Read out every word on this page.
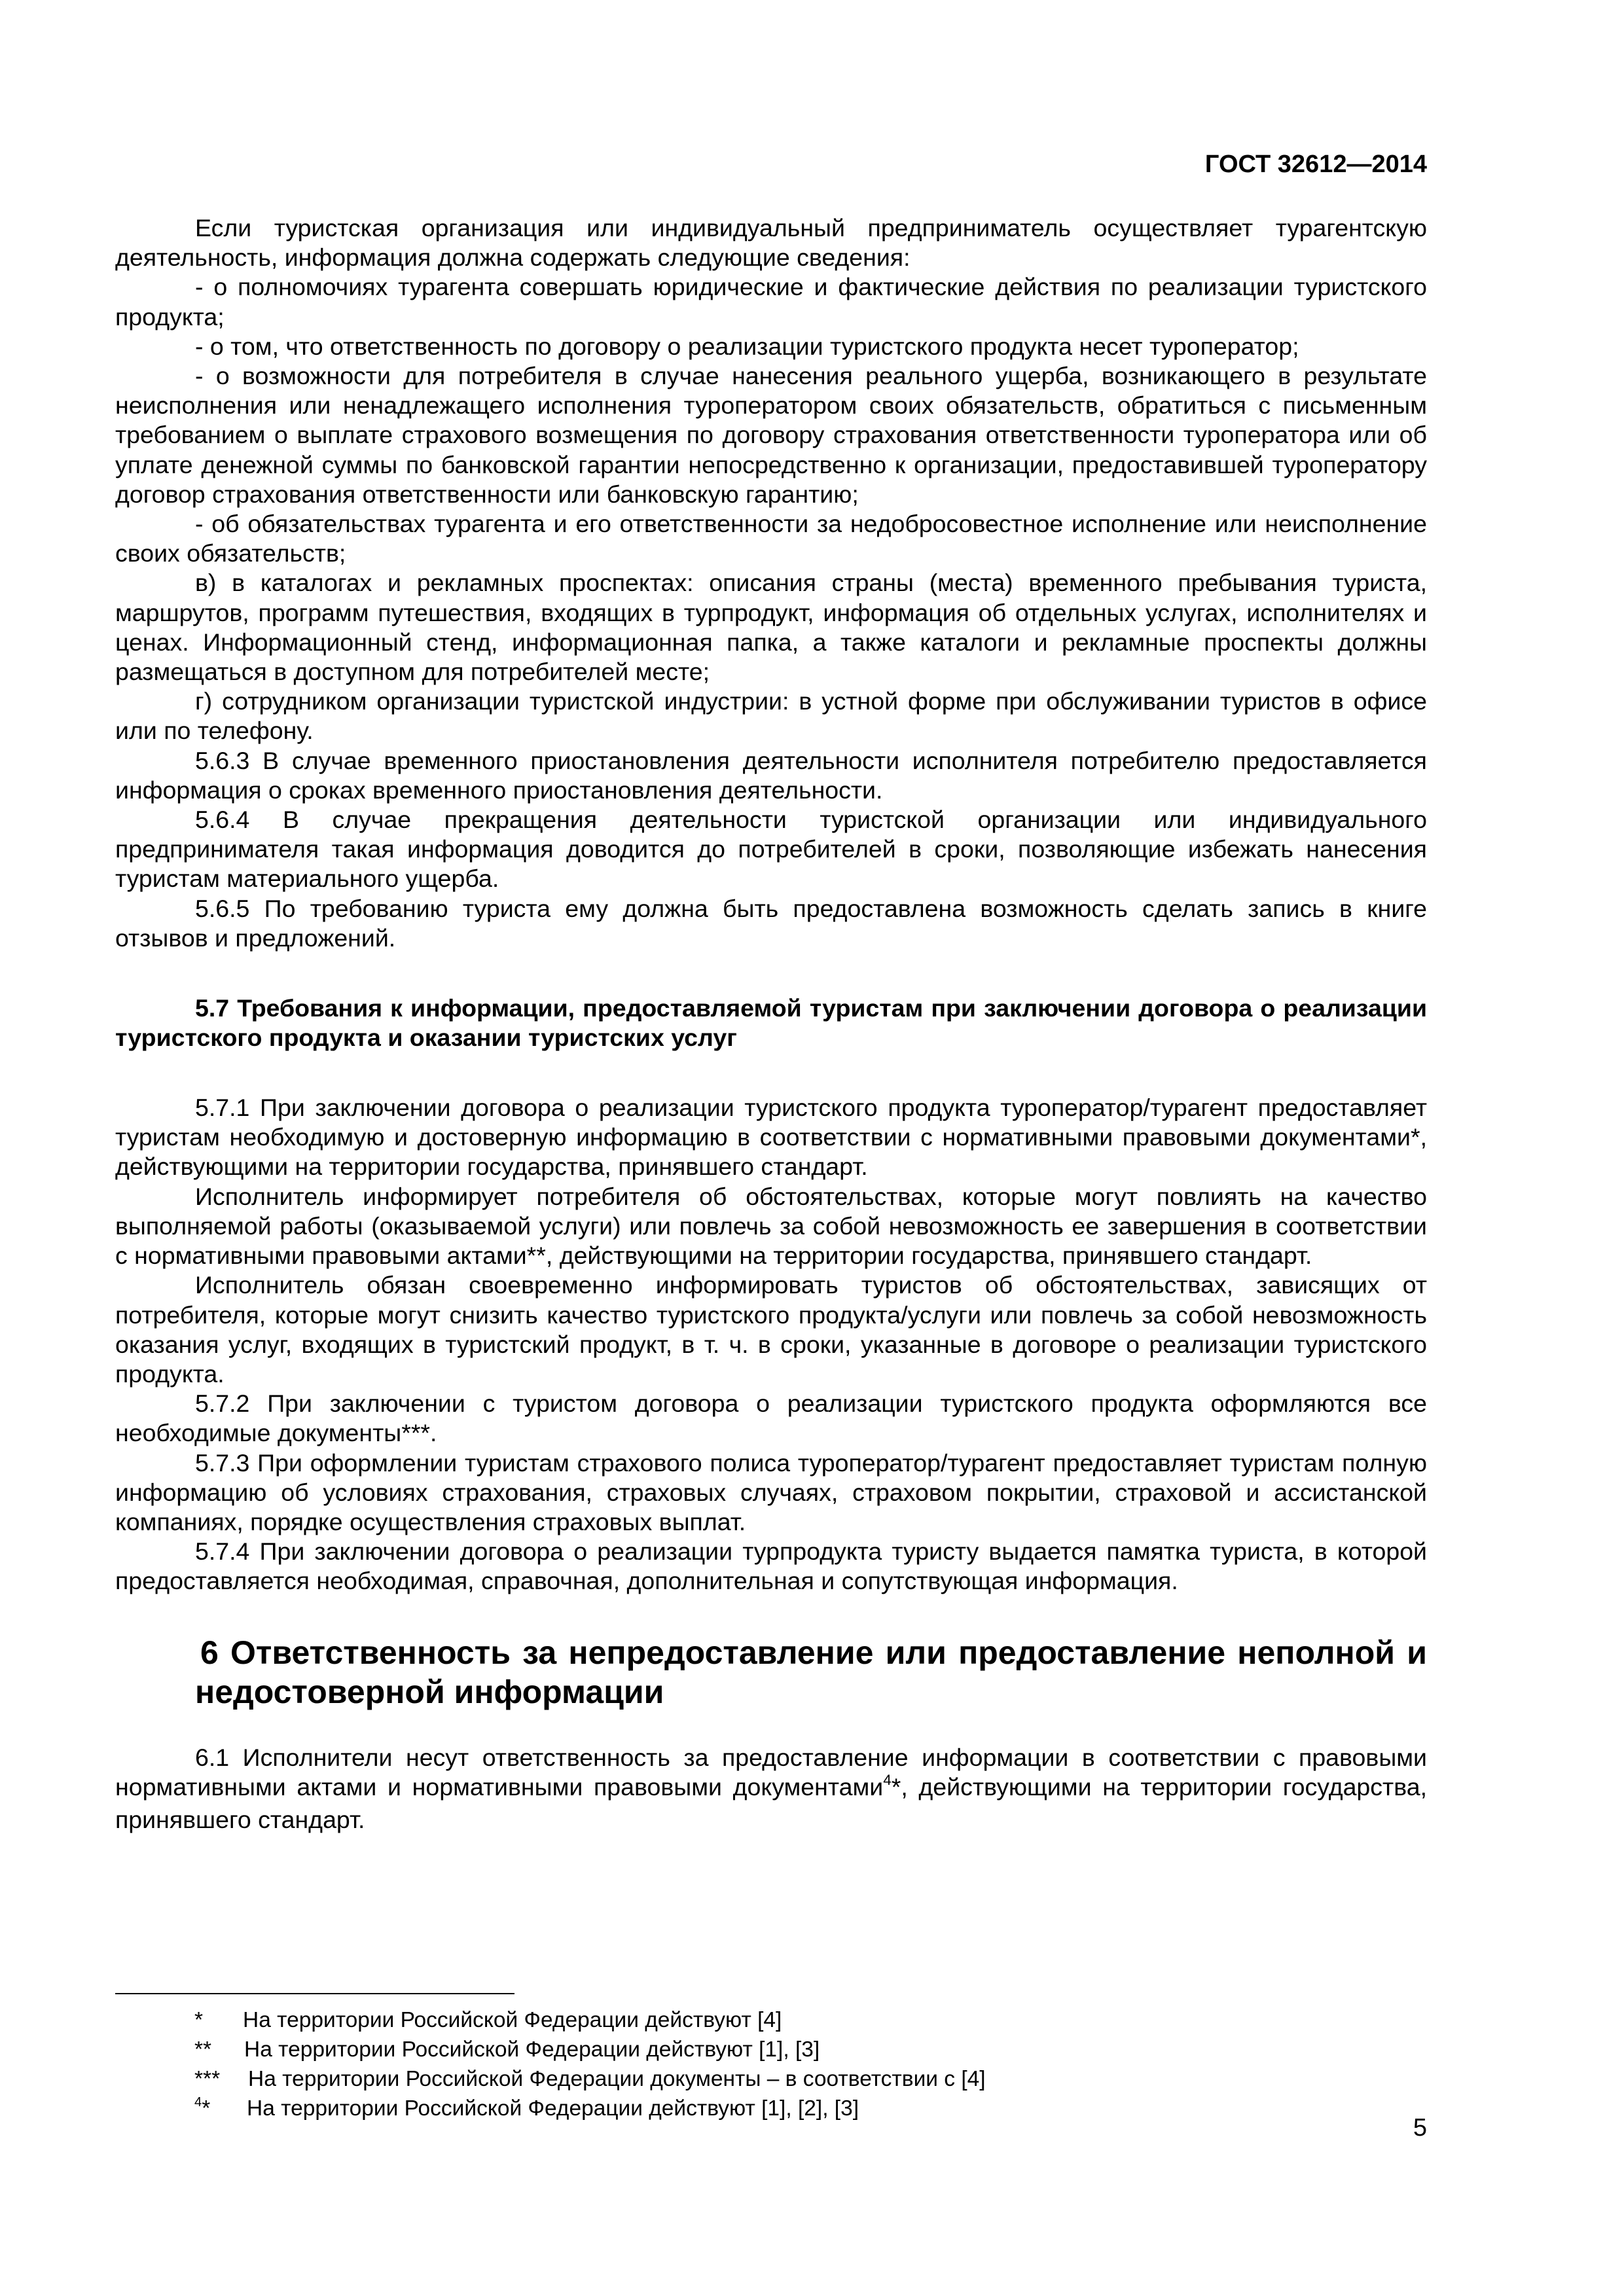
ГОСТ 32612—2014

Если туристская организация или индивидуальный предприниматель осуществляет турагентскую деятельность, информация должна содержать следующие сведения:

- о полномочиях турагента совершать юридические и фактические действия по реализации туристского продукта;

- о том, что ответственность по договору о реализации туристского продукта несет туроператор;

- о возможности для потребителя в случае нанесения реального ущерба, возникающего в результате неисполнения или ненадлежащего исполнения туроператором своих обязательств, обратиться с письменным требованием о выплате страхового возмещения по договору страхования ответственности туроператора или об уплате денежной суммы по банковской гарантии непосредственно к организации, предоставившей туроператору договор страхования ответственности или банковскую гарантию;

- об обязательствах турагента и его ответственности за недобросовестное исполнение или неисполнение своих обязательств;

в) в каталогах и рекламных проспектах: описания страны (места) временного пребывания туриста, маршрутов, программ путешествия, входящих в турпродукт, информация об отдельных услугах, исполнителях и ценах. Информационный стенд, информационная папка, а также каталоги и рекламные проспекты должны размещаться в доступном для потребителей месте;

г) сотрудником организации туристской индустрии: в устной форме при обслуживании туристов в офисе или по телефону.

5.6.3 В случае временного приостановления деятельности исполнителя потребителю предоставляется информация о сроках временного приостановления деятельности.

5.6.4 В случае прекращения деятельности туристской организации или индивидуального предпринимателя такая информация доводится до потребителей в сроки, позволяющие избежать нанесения туристам материального ущерба.

5.6.5 По требованию туриста ему должна быть предоставлена возможность сделать запись в книге отзывов и предложений.

5.7 Требования к информации, предоставляемой туристам при заключении договора о реализации туристского продукта и оказании туристских услуг

5.7.1 При заключении договора о реализации туристского продукта туроператор/турагент предоставляет туристам необходимую и достоверную информацию в соответствии с нормативными правовыми документами*, действующими на территории государства, принявшего стандарт.

Исполнитель информирует потребителя об обстоятельствах, которые могут повлиять на качество выполняемой работы (оказываемой услуги) или повлечь за собой невозможность ее завершения в соответствии с нормативными правовыми актами**, действующими на территории государства, принявшего стандарт.

Исполнитель обязан своевременно информировать туристов об обстоятельствах, зависящих от потребителя, которые могут снизить качество туристского продукта/услуги или повлечь за собой невозможность оказания услуг, входящих в туристский продукт, в т. ч. в сроки, указанные в договоре о реализации туристского продукта.

5.7.2 При заключении с туристом договора о реализации туристского продукта оформляются все необходимые документы***.

5.7.3 При оформлении туристам страхового полиса туроператор/турагент предоставляет туристам полную информацию об условиях страхования, страховых случаях, страховом покрытии, страховой и ассистанской компаниях, порядке осуществления страховых выплат.

5.7.4 При заключении договора о реализации турпродукта туристу выдается памятка туриста, в которой предоставляется необходимая, справочная, дополнительная и сопутствующая информация.

6 Ответственность за непредоставление или предоставление неполной и недостоверной информации

6.1 Исполнители несут ответственность за предоставление информации в соответствии с правовыми нормативными актами и нормативными правовыми документами$^4$*, действующими на территории государства, принявшего стандарт.

*	На территории Российской Федерации действуют [4]
**	На территории Российской Федерации действуют [1], [3]
***	На территории Российской Федерации документы – в соответствии с [4]
$^4$*	На территории Российской Федерации действуют [1], [2], [3]
5
